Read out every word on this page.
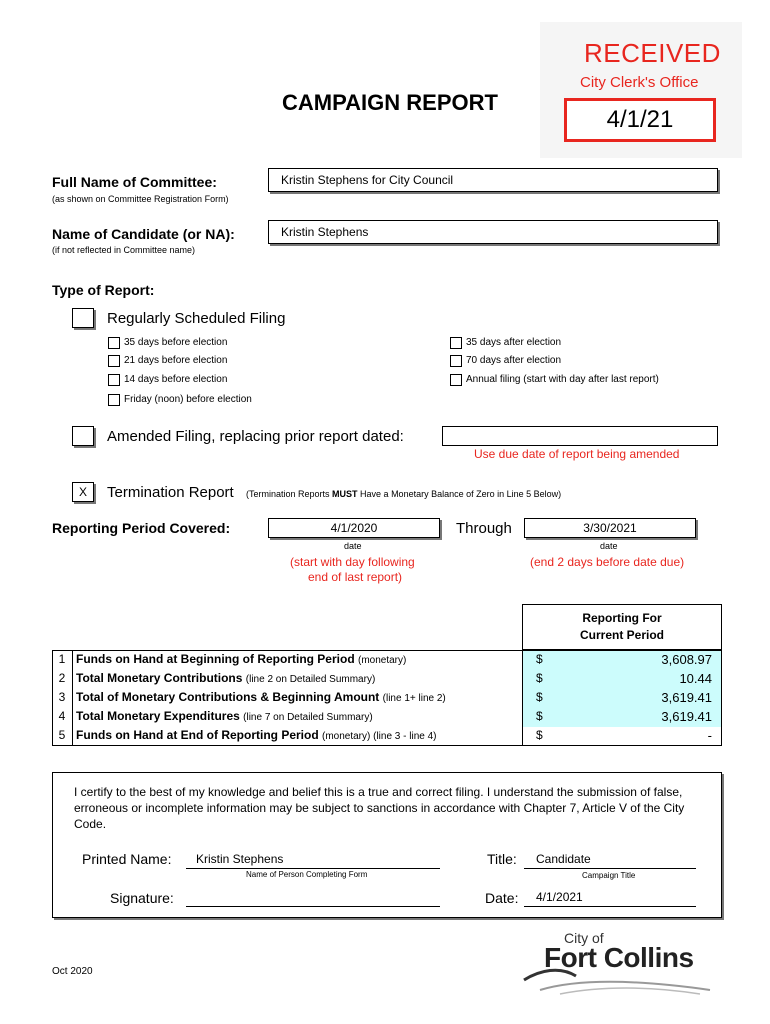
RECEIVED
City Clerk's Office
4/1/21
CAMPAIGN REPORT
Full Name of Committee:
(as shown on Committee Registration Form)
Kristin Stephens for City Council
Name of Candidate (or NA):
(if not reflected in Committee name)
Kristin Stephens
Type of Report:
Regularly Scheduled Filing
35 days before election
21 days before election
14 days before election
Friday (noon) before election
35 days after election
70 days after election
Annual filing (start with day after last report)
Amended Filing, replacing prior report dated:
Use due date of report being amended
X	Termination Report (Termination Reports MUST Have a Monetary Balance of Zero in Line 5 Below)
Reporting Period Covered:	4/1/2020
date
Through	3/30/2021
date
(start with day following
end of last report)
(end 2 days before date due)
Reporting For
Current Period
1 Funds on Hand at Beginning of Reporting Period (monetary)	$	3,608.97
2 Total Monetary Contributions (line 2 on Detailed Summary)	$	10.44
3 Total of Monetary Contributions & Beginning Amount (line 1+ line 2)	$	3,619.41
4 Total Monetary Expenditures (line 7 on Detailed Summary)	$	3,619.41
5 Funds on Hand at End of Reporting Period (monetary) (line 3 - line 4)	$	-
I certify to the best of my knowledge and belief this is a true and correct filing. I understand the submission of false, erroneous or incomplete information may be subject to sanctions in accordance with Chapter 7, Article V of the City Code.
Printed Name:	Kristin Stephens
Name of Person Completing Form
Title:	Candidate
Campaign Title
Signature:	Date:	4/1/2021
Oct 2020
City of
Fort Collins
